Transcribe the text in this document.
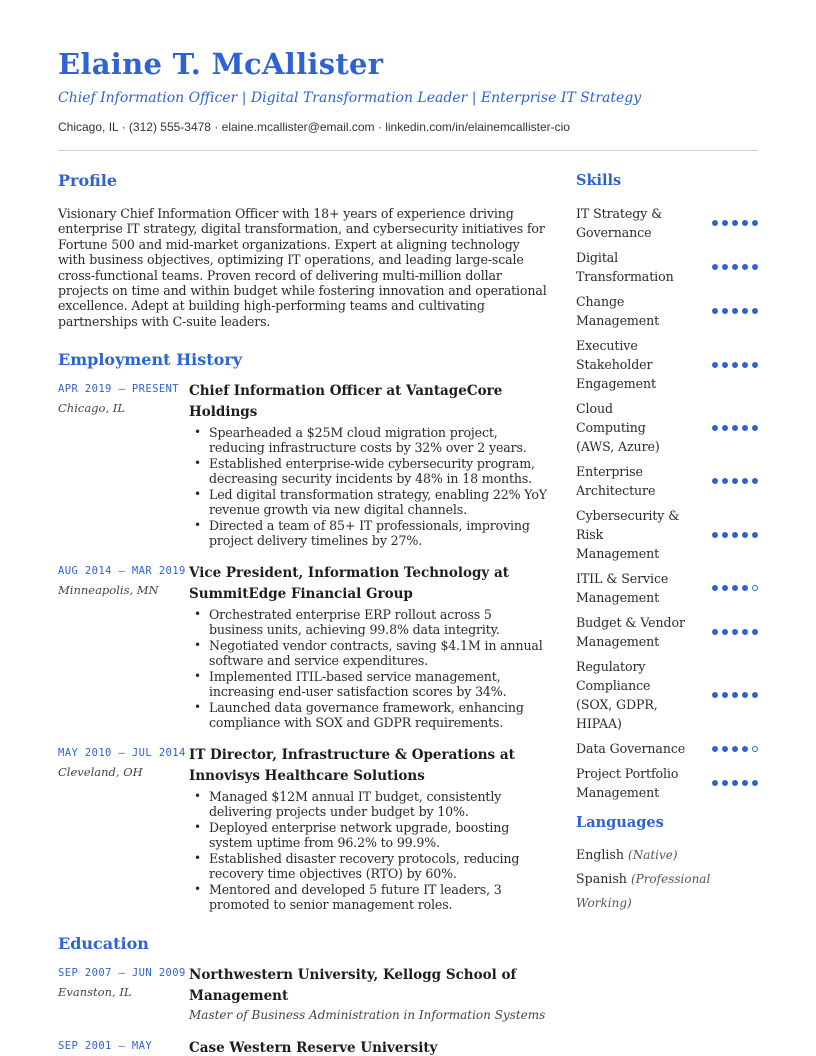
Elaine T. McAllister
Chief Information Officer | Digital Transformation Leader | Enterprise IT Strategy
Chicago, IL · (312) 555-3478 · elaine.mcallister@email.com · linkedin.com/in/elainemcallister-cio
Profile
Visionary Chief Information Officer with 18+ years of experience driving enterprise IT strategy, digital transformation, and cybersecurity initiatives for Fortune 500 and mid-market organizations. Expert at aligning technology with business objectives, optimizing IT operations, and leading large-scale cross-functional teams. Proven record of delivering multi-million dollar projects on time and within budget while fostering innovation and operational excellence. Adept at building high-performing teams and cultivating partnerships with C-suite leaders.
Employment History
APR 2019 — PRESENT
Chicago, IL
Chief Information Officer at VantageCore Holdings
• Spearheaded a $25M cloud migration project, reducing infrastructure costs by 32% over 2 years.
• Established enterprise-wide cybersecurity program, decreasing security incidents by 48% in 18 months.
• Led digital transformation strategy, enabling 22% YoY revenue growth via new digital channels.
• Directed a team of 85+ IT professionals, improving project delivery timelines by 27%.
AUG 2014 — MAR 2019
Minneapolis, MN
Vice President, Information Technology at SummitEdge Financial Group
• Orchestrated enterprise ERP rollout across 5 business units, achieving 99.8% data integrity.
• Negotiated vendor contracts, saving $4.1M in annual software and service expenditures.
• Implemented ITIL-based service management, increasing end-user satisfaction scores by 34%.
• Launched data governance framework, enhancing compliance with SOX and GDPR requirements.
MAY 2010 — JUL 2014
Cleveland, OH
IT Director, Infrastructure & Operations at Innovisys Healthcare Solutions
• Managed $12M annual IT budget, consistently delivering projects under budget by 10%.
• Deployed enterprise network upgrade, boosting system uptime from 96.2% to 99.9%.
• Established disaster recovery protocols, reducing recovery time objectives (RTO) by 60%.
• Mentored and developed 5 future IT leaders, 3 promoted to senior management roles.
Education
SEP 2007 — JUN 2009
Evanston, IL
Northwestern University, Kellogg School of Management
Master of Business Administration in Information Systems
SEP 2001 — MAY	Case Western Reserve University
Skills
IT Strategy & Governance
Digital Transformation
Change Management
Executive Stakeholder Engagement
Cloud Computing (AWS, Azure)
Enterprise Architecture
Cybersecurity & Risk Management
ITIL & Service Management
Budget & Vendor Management
Regulatory Compliance (SOX, GDPR, HIPAA)
Data Governance
Project Portfolio Management
Languages
English (Native)
Spanish (Professional Working)
